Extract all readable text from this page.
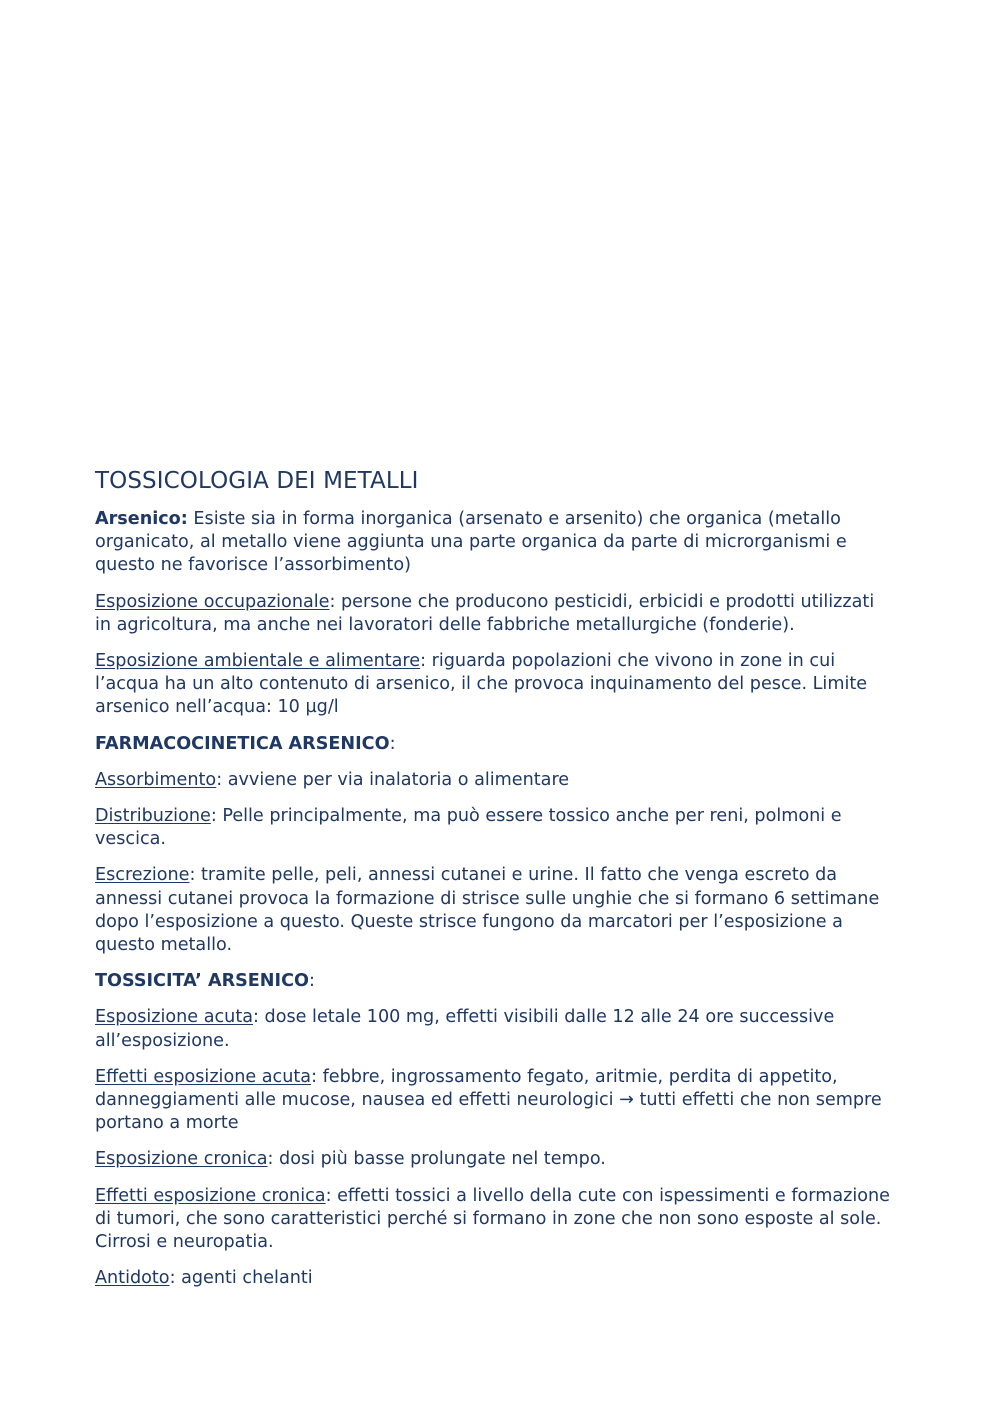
TOSSICOLOGIA DEI METALLI

Arsenico: Esiste sia in forma inorganica (arsenato e arsenito) che organica (metallo organicato, al metallo viene aggiunta una parte organica da parte di microrganismi e questo ne favorisce l’assorbimento)

Esposizione occupazionale: persone che producono pesticidi, erbicidi e prodotti utilizzati in agricoltura, ma anche nei lavoratori delle fabbriche metallurgiche (fonderie).

Esposizione ambientale e alimentare: riguarda popolazioni che vivono in zone in cui l’acqua ha un alto contenuto di arsenico, il che provoca inquinamento del pesce. Limite arsenico nell’acqua: 10 µg/l

FARMACOCINETICA ARSENICO:

Assorbimento: avviene per via inalatoria o alimentare

Distribuzione: Pelle principalmente, ma può essere tossico anche per reni, polmoni e vescica.

Escrezione: tramite pelle, peli, annessi cutanei e urine. Il fatto che venga escreto da annessi cutanei provoca la formazione di strisce sulle unghie che si formano 6 settimane dopo l’esposizione a questo. Queste strisce fungono da marcatori per l’esposizione a questo metallo.

TOSSICITA’ ARSENICO:

Esposizione acuta: dose letale 100 mg, effetti visibili dalle 12 alle 24 ore successive all’esposizione.

Effetti esposizione acuta: febbre, ingrossamento fegato, aritmie, perdita di appetito, danneggiamenti alle mucose, nausea ed effetti neurologici → tutti effetti che non sempre portano a morte

Esposizione cronica: dosi più basse prolungate nel tempo.

Effetti esposizione cronica: effetti tossici a livello della cute con ispessimenti e formazione di tumori, che sono caratteristici perché si formano in zone che non sono esposte al sole. Cirrosi e neuropatia.

Antidoto: agenti chelanti
